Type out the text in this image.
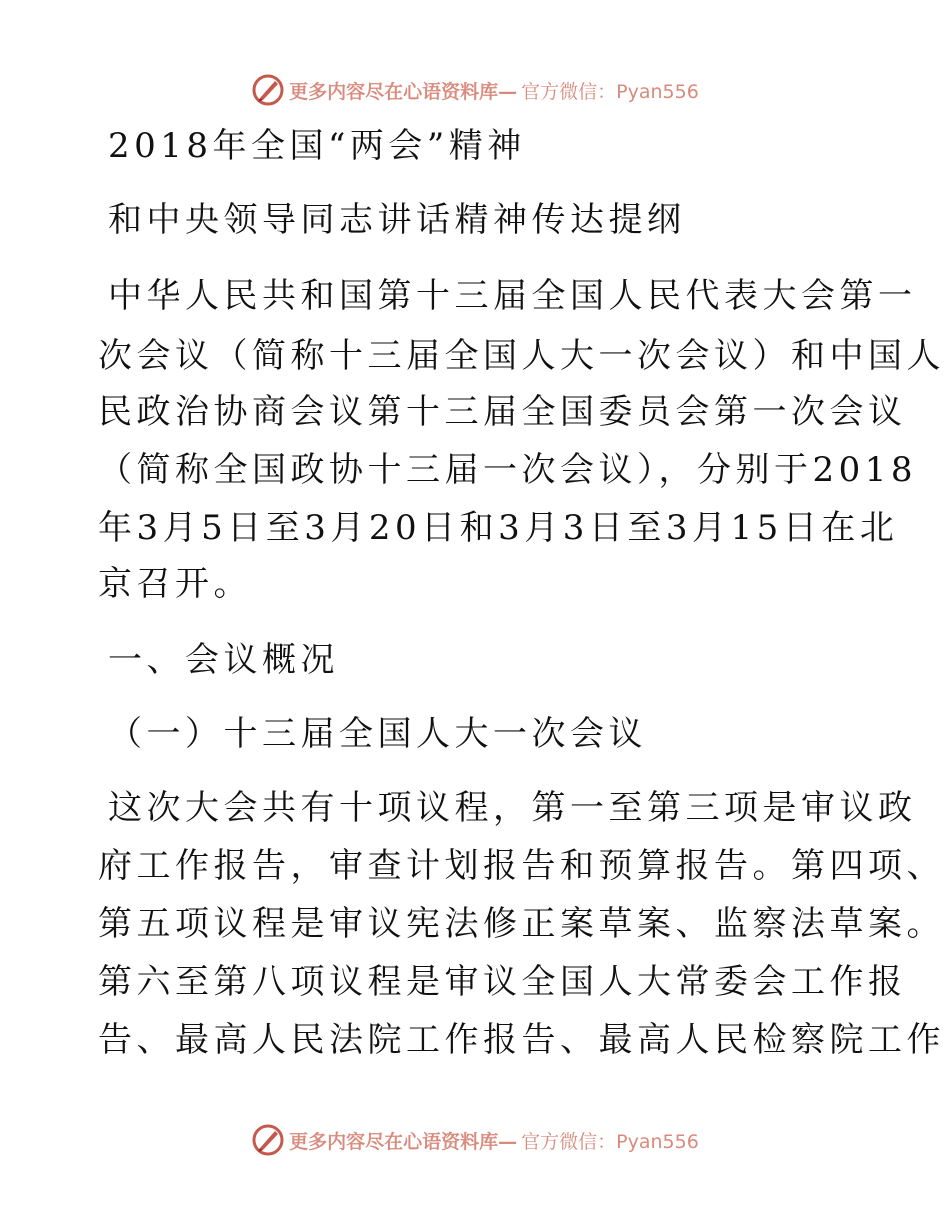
更多内容尽在心语资料库— 官方微信：Pyan556
2018年全国“两会”精神
和中央领导同志讲话精神传达提纲
中华人民共和国第十三届全国人民代表大会第一
次会议（简称十三届全国人大一次会议）和中国人
民政治协商会议第十三届全国委员会第一次会议
（简称全国政协十三届一次会议），分别于2018
年3月5日至3月20日和3月3日至3月15日在北
京召开。
一、会议概况
（一）十三届全国人大一次会议
这次大会共有十项议程，第一至第三项是审议政
府工作报告，审查计划报告和预算报告。第四项、
第五项议程是审议宪法修正案草案、监察法草案。
第六至第八项议程是审议全国人大常委会工作报
告、最高人民法院工作报告、最高人民检察院工作
更多内容尽在心语资料库— 官方微信：Pyan556
